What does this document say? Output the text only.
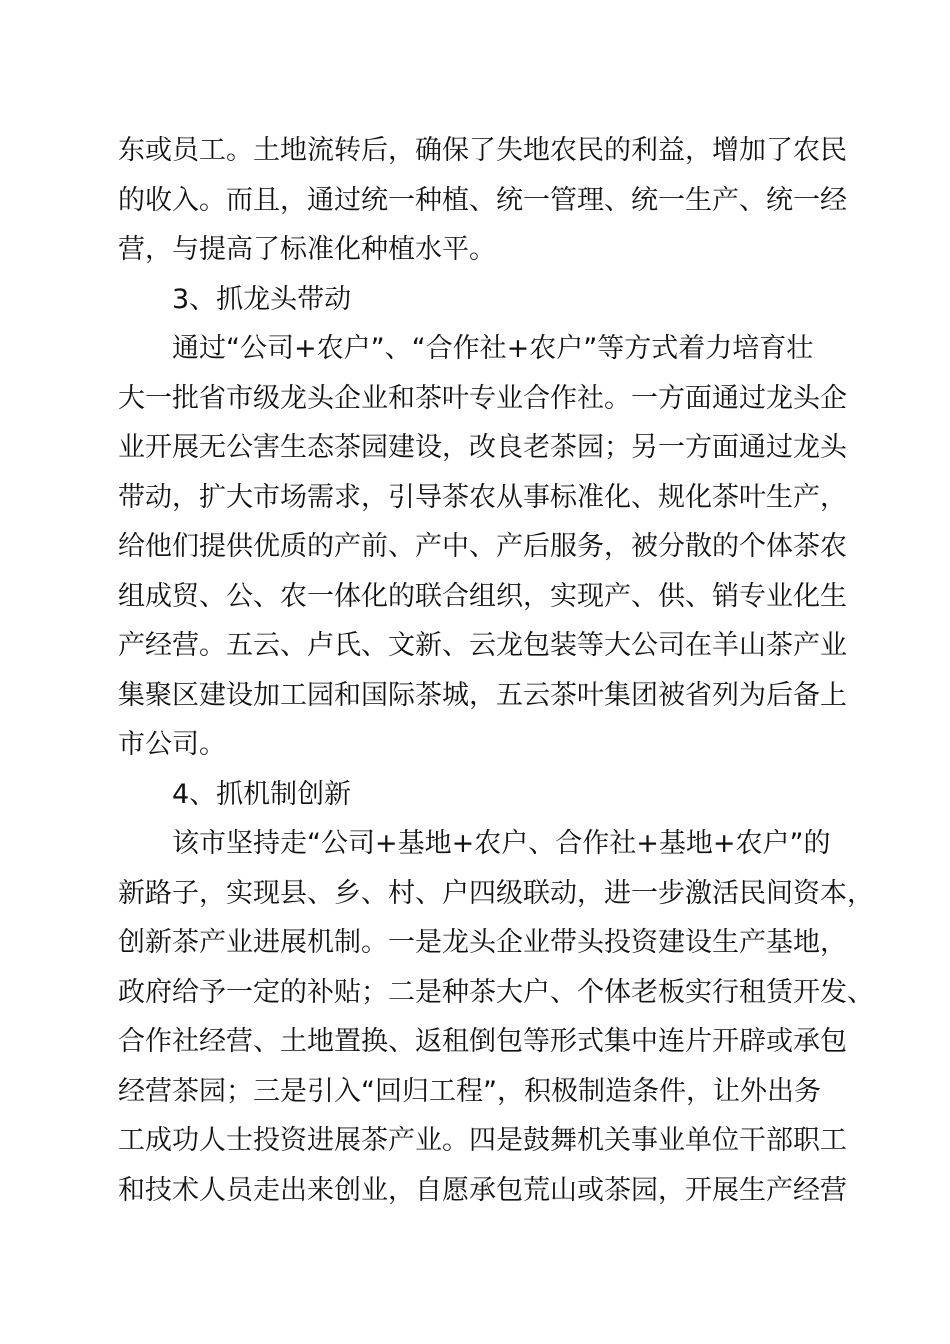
东或员工。土地流转后，确保了失地农民的利益，增加了农民
的收入。而且，通过统一种植、统一管理、统一生产、统一经
营，与提高了标准化种植水平。
3、抓龙头带动
通过“公司+农户”、“合作社+农户”等方式着力培育壮
大一批省市级龙头企业和茶叶专业合作社。一方面通过龙头企
业开展无公害生态茶园建设，改良老茶园；另一方面通过龙头
带动，扩大市场需求，引导茶农从事标准化、规化茶叶生产，
给他们提供优质的产前、产中、产后服务，被分散的个体茶农
组成贸、公、农一体化的联合组织，实现产、供、销专业化生
产经营。五云、卢氏、文新、云龙包装等大公司在羊山茶产业
集聚区建设加工园和国际茶城，五云茶叶集团被省列为后备上
市公司。
4、抓机制创新
该市坚持走“公司+基地+农户、合作社+基地+农户”的
新路子，实现县、乡、村、户四级联动，进一步激活民间资本，
创新茶产业进展机制。一是龙头企业带头投资建设生产基地，
政府给予一定的补贴；二是种茶大户、个体老板实行租赁开发、
合作社经营、土地置换、返租倒包等形式集中连片开辟或承包
经营茶园；三是引入“回归工程”，积极制造条件，让外出务
工成功人士投资进展茶产业。四是鼓舞机关事业单位干部职工
和技术人员走出来创业，自愿承包荒山或茶园，开展生产经营
